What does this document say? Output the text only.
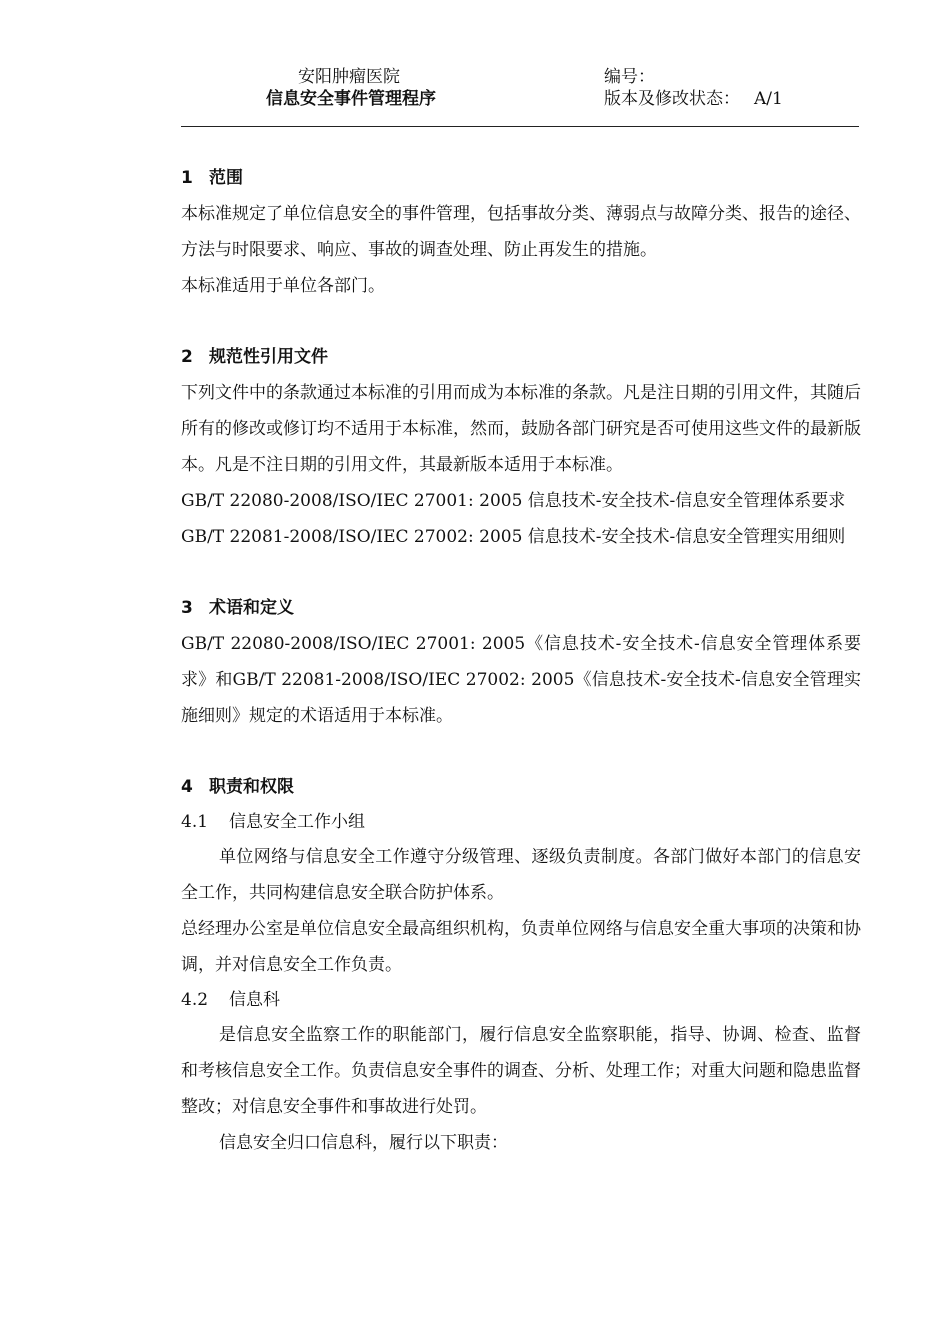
安阳肿瘤医院
信息安全事件管理程序
编号：
版本及修改状态： A/1
1 范围
本标准规定了单位信息安全的事件管理，包括事故分类、薄弱点与故障分类、报告的途径、方法与时限要求、响应、事故的调查处理、防止再发生的措施。
本标准适用于单位各部门。
2 规范性引用文件
下列文件中的条款通过本标准的引用而成为本标准的条款。凡是注日期的引用文件，其随后所有的修改或修订均不适用于本标准，然而，鼓励各部门研究是否可使用这些文件的最新版本。凡是不注日期的引用文件，其最新版本适用于本标准。
GB/T 22080-2008/ISO/IEC 27001: 2005 信息技术-安全技术-信息安全管理体系要求
GB/T 22081-2008/ISO/IEC 27002: 2005 信息技术-安全技术-信息安全管理实用细则
3 术语和定义
GB/T 22080-2008/ISO/IEC 27001: 2005《信息技术-安全技术-信息安全管理体系要求》和GB/T 22081-2008/ISO/IEC 27002: 2005《信息技术-安全技术-信息安全管理实施细则》规定的术语适用于本标准。
4 职责和权限
4.1 信息安全工作小组
单位网络与信息安全工作遵守分级管理、逐级负责制度。各部门做好本部门的信息安全工作，共同构建信息安全联合防护体系。
总经理办公室是单位信息安全最高组织机构，负责单位网络与信息安全重大事项的决策和协调，并对信息安全工作负责。
4.2 信息科
是信息安全监察工作的职能部门，履行信息安全监察职能，指导、协调、检查、监督和考核信息安全工作。负责信息安全事件的调查、分析、处理工作；对重大问题和隐患监督整改；对信息安全事件和事故进行处罚。
信息安全归口信息科，履行以下职责：
